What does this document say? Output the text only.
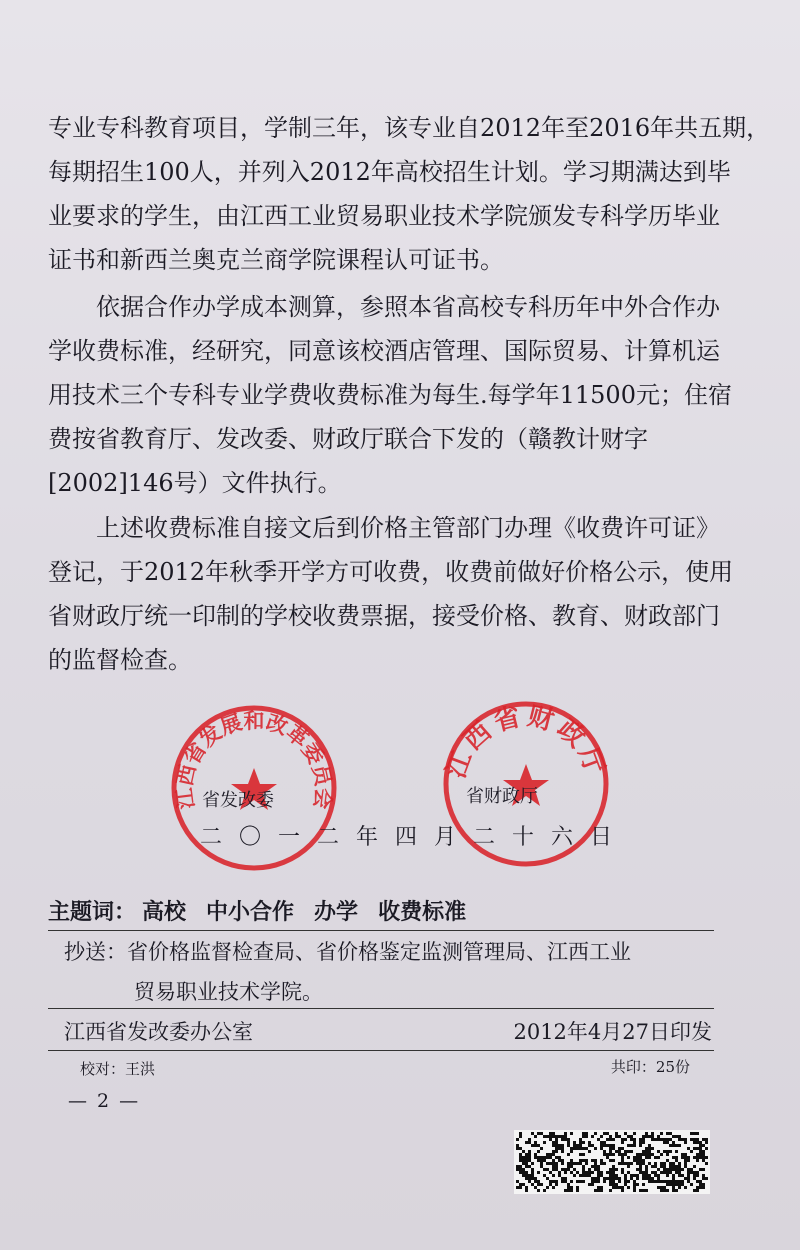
专业专科教育项目，学制三年，该专业自2012年至2016年共五期，
每期招生100人，并列入2012年高校招生计划。学习期满达到毕
业要求的学生，由江西工业贸易职业技术学院颁发专科学历毕业
证书和新西兰奥克兰商学院课程认可证书。
依据合作办学成本测算，参照本省高校专科历年中外合作办
学收费标准，经研究，同意该校酒店管理、国际贸易、计算机运
用技术三个专科专业学费收费标准为每生.每学年11500元；住宿
费按省教育厅、发改委、财政厅联合下发的（赣教计财字
[2002]146号）文件执行。
上述收费标准自接文后到价格主管部门办理《收费许可证》
登记，于2012年秋季开学方可收费，收费前做好价格公示，使用
省财政厅统一印制的学校收费票据，接受价格、教育、财政部门
的监督检查。
江西省发展和改革委员会
江西省财政厅
省发改委	省财政厅
二〇一二年四月二十六日
主题词： 高校 中小合作 办学 收费标准
抄送：省价格监督检查局、省价格鉴定监测管理局、江西工业
贸易职业技术学院。
江西省发改委办公室	2012年4月27日印发
校对：王洪	共印：25份
— 2 —
